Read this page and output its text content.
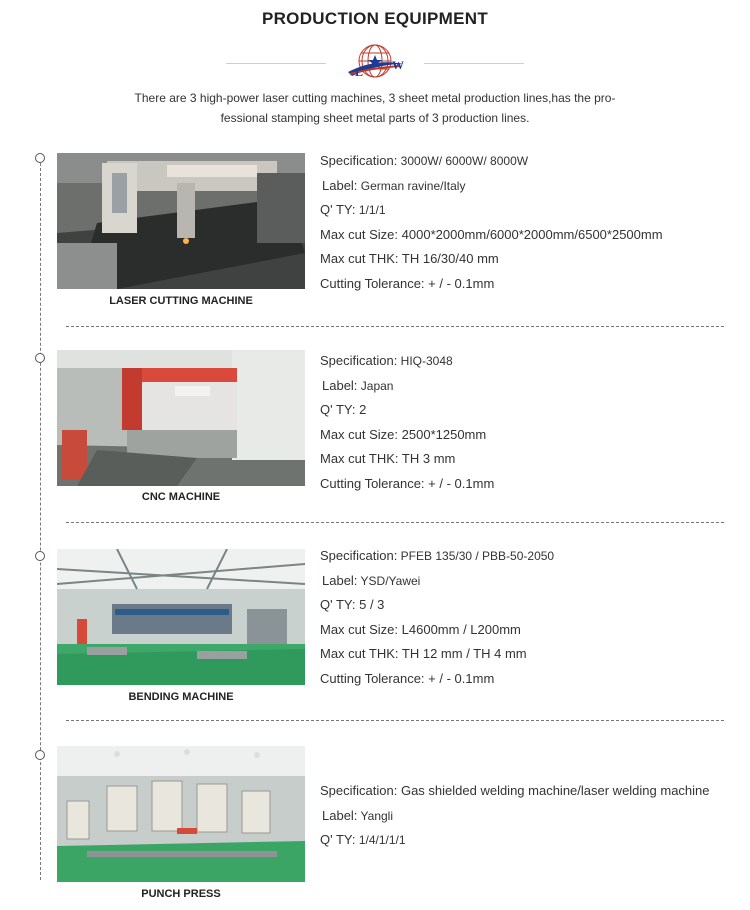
PRODUCTION EQUIPMENT
L W
There are 3 high-power laser cutting machines, 3 sheet metal production lines,has the pro-
fessional stamping sheet metal parts of 3 production lines.
LASER CUTTING MACHINE
Specification: 3000W/ 6000W/ 8000W
Label: German ravine/Italy
Q' TY: 1/1/1
Max cut Size: 4000*2000mm/6000*2000mm/6500*2500mm
Max cut THK: TH 16/30/40 mm
Cutting Tolerance: + / - 0.1mm
CNC MACHINE
Specification: HIQ-3048
Label: Japan
Q' TY: 2
Max cut Size: 2500*1250mm
Max cut THK: TH 3 mm
Cutting Tolerance: + / - 0.1mm
BENDING MACHINE
Specification: PFEB 135/30 / PBB-50-2050
Label: YSD/Yawei
Q' TY: 5 / 3
Max cut Size: L4600mm / L200mm
Max cut THK: TH 12 mm / TH 4 mm
Cutting Tolerance: + / - 0.1mm
PUNCH PRESS
Specification: Gas shielded welding machine/laser welding machine
Label: Yangli
Q' TY: 1/4/1/1/1
